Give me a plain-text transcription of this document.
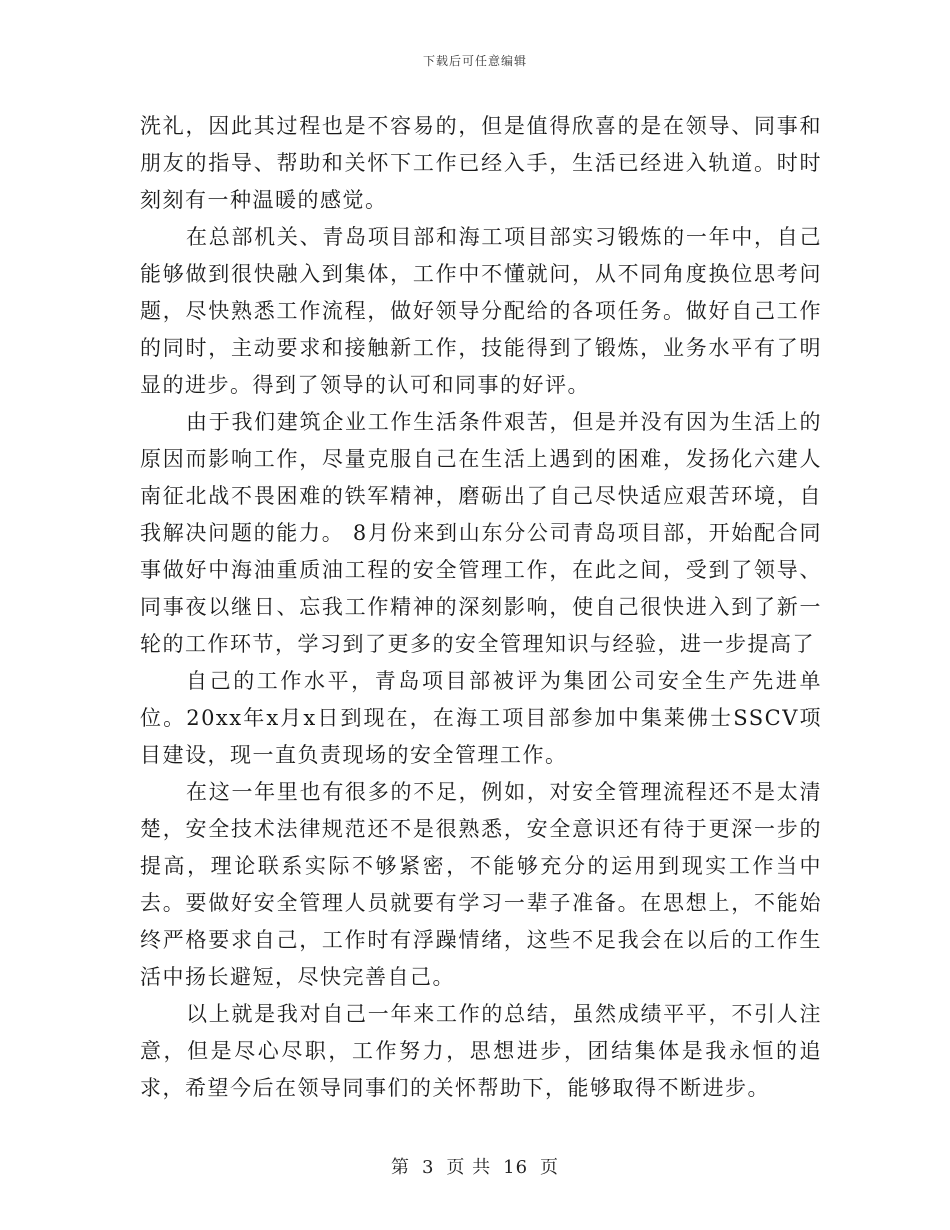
下载后可任意编辑

洗礼，因此其过程也是不容易的，但是值得欣喜的是在领导、同事和朋友的指导、帮助和关怀下工作已经入手，生活已经进入轨道。时时刻刻有一种温暖的感觉。

在总部机关、青岛项目部和海工项目部实习锻炼的一年中，自己能够做到很快融入到集体，工作中不懂就问，从不同角度换位思考问题，尽快熟悉工作流程，做好领导分配给的各项任务。做好自己工作的同时，主动要求和接触新工作，技能得到了锻炼，业务水平有了明显的进步。得到了领导的认可和同事的好评。

由于我们建筑企业工作生活条件艰苦，但是并没有因为生活上的原因而影响工作，尽量克服自己在生活上遇到的困难，发扬化六建人南征北战不畏困难的铁军精神，磨砺出了自己尽快适应艰苦环境，自我解决问题的能力。 8月份来到山东分公司青岛项目部，开始配合同事做好中海油重质油工程的安全管理工作，在此之间，受到了领导、同事夜以继日、忘我工作精神的深刻影响，使自己很快进入到了新一轮的工作环节，学习到了更多的安全管理知识与经验，进一步提高了

自己的工作水平，青岛项目部被评为集团公司安全生产先进单位。20xx年x月x日到现在，在海工项目部参加中集莱佛士SSCV项目建设，现一直负责现场的安全管理工作。

在这一年里也有很多的不足，例如，对安全管理流程还不是太清楚，安全技术法律规范还不是很熟悉，安全意识还有待于更深一步的提高，理论联系实际不够紧密，不能够充分的运用到现实工作当中去。要做好安全管理人员就要有学习一辈子准备。在思想上，不能始终严格要求自己，工作时有浮躁情绪，这些不足我会在以后的工作生活中扬长避短，尽快完善自己。

以上就是我对自己一年来工作的总结，虽然成绩平平，不引人注意，但是尽心尽职，工作努力，思想进步，团结集体是我永恒的追求，希望今后在领导同事们的关怀帮助下，能够取得不断进步。

第 3 页 共 16 页
